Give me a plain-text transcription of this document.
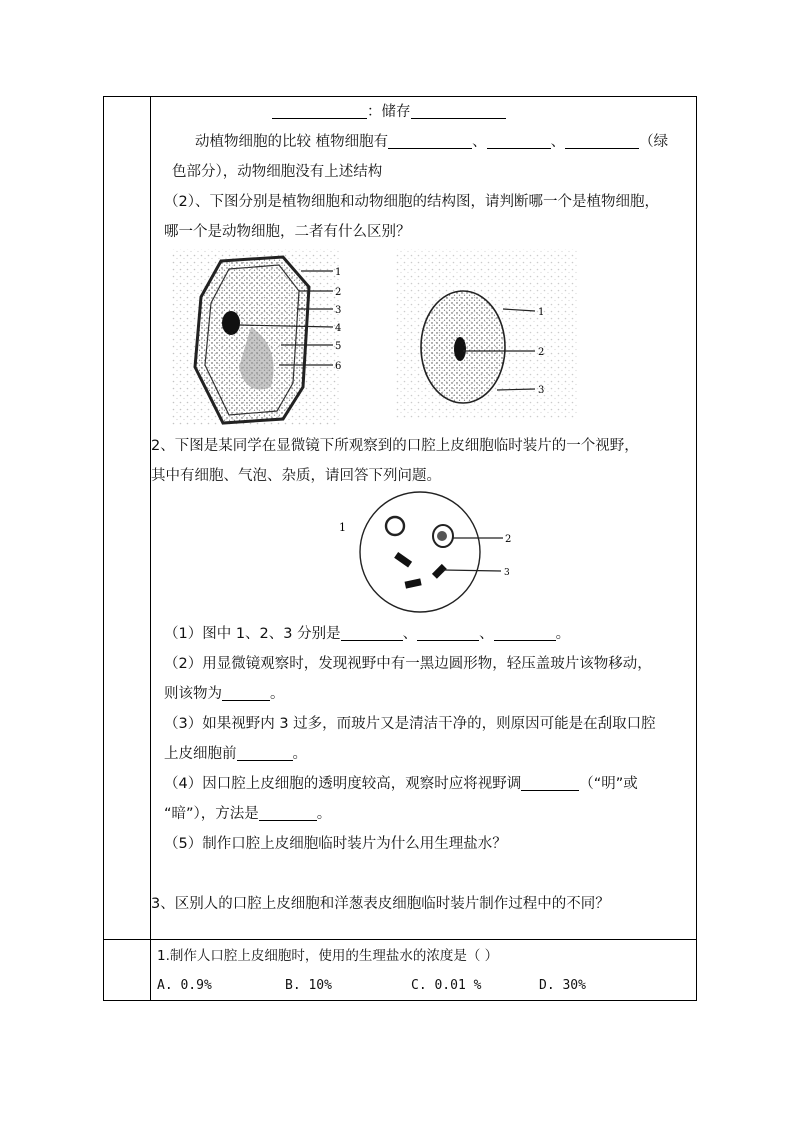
：储存
动植物细胞的比较 植物细胞有	、	、	（绿
色部分），动物细胞没有上述结构
（2）、下图分别是植物细胞和动物细胞的结构图，请判断哪一个是植物细胞，
哪一个是动物细胞，二者有什么区别？
1
2
3
4
5
6
1
2
3
2、下图是某同学在显微镜下所观察到的口腔上皮细胞临时装片的一个视野，
其中有细胞、气泡、杂质，请回答下列问题。
1
2
3
（1）图中 1、2、3 分别是	、	、	。
（2）用显微镜观察时，发现视野中有一黑边圆形物，轻压盖玻片该物移动，
则该物为	。
（3）如果视野内 3 过多，而玻片又是清洁干净的，则原因可能是在刮取口腔
上皮细胞前	。
（4）因口腔上皮细胞的透明度较高，观察时应将视野调	（“明”或
“暗”），方法是	。
（5）制作口腔上皮细胞临时装片为什么用生理盐水？
3、区别人的口腔上皮细胞和洋葱表皮细胞临时装片制作过程中的不同？
1.制作人口腔上皮细胞时，使用的生理盐水的浓度是（ ）
A. 0.9%	B. 10%	C. 0.01 %	D. 30%
